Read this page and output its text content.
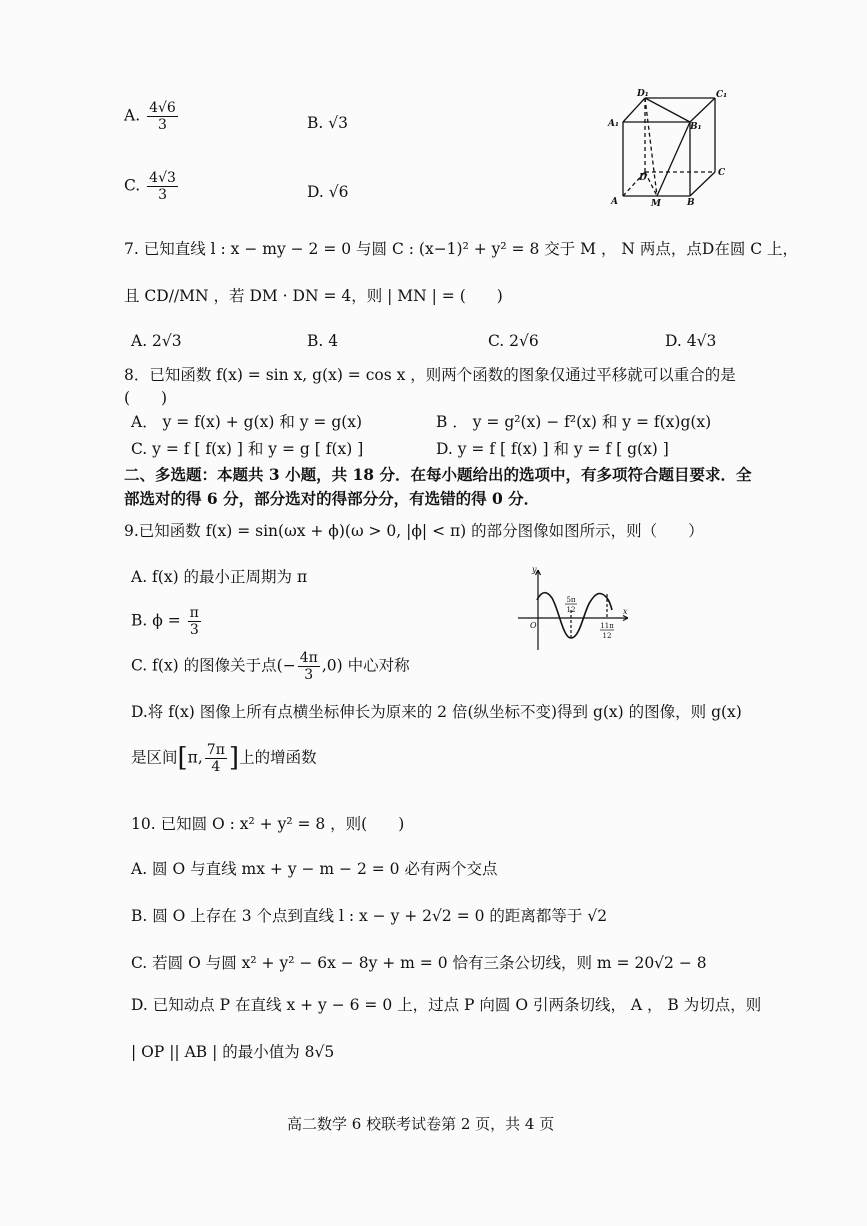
A. $\frac{4√6}{3}$	B. √3
C. $\frac{4√3}{3}$	D. √6
D₁	C₁
A₁	B₁
D	C
A	M	B
7. 已知直线 l : x − my − 2 = 0 与圆 C : (x−1)² + y² = 8 交于 M ， N 两点，点D在圆 C 上，
且 CD//MN ，若 DM · DN = 4，则 | MN | = (　　)
A. 2√3	B. 4	C. 2√6	D. 4√3
8．已知函数 f(x) = sin x, g(x) = cos x ，则两个函数的图象仅通过平移就可以重合的是
(　　)
A． y = f(x) + g(x) 和 y = g(x)	B ． y = g²(x) − f²(x) 和 y = f(x)g(x)
C. y = f [ f(x) ] 和 y = g [ f(x) ]	D. y = f [ f(x) ] 和 y = f [ g(x) ]
二、多选题：本题共 3 小题，共 18 分．在每小题给出的选项中，有多项符合题目要求．全
部选对的得 6 分，部分选对的得部分分，有选错的得 0 分．
9.已知函数 f(x) = sin(ωx + ϕ)(ω > 0, |ϕ| < π) 的部分图像如图所示，则（　　）
A. f(x) 的最小正周期为 π
B. $\phi = \frac{\pi}{3}$
C. f(x) 的图像关于点(− $\frac{4\pi}{3} ,0$) 中心对称
D.将 f(x) 图像上所有点横坐标伸长为原来的 2 倍(纵坐标不变)得到 g(x) 的图像，则 g(x)
是区间[π, $\frac{7\pi}{4}$ ]上的增函数
y
x
O
5π
12
11π
12
10. 已知圆 O : x² + y² = 8 ，则(　　)
A. 圆 O 与直线 mx + y − m − 2 = 0 必有两个交点
B. 圆 O 上存在 3 个点到直线 l : x − y + 2√2 = 0 的距离都等于 √2
C. 若圆 O 与圆 x² + y² − 6x − 8y + m = 0 恰有三条公切线，则 m = 20√2 − 8
D. 已知动点 P 在直线 x + y − 6 = 0 上，过点 P 向圆 O 引两条切线， A ， B 为切点，则
| OP || AB | 的最小值为 8√5
高二数学 6 校联考试卷第 2 页，共 4 页
